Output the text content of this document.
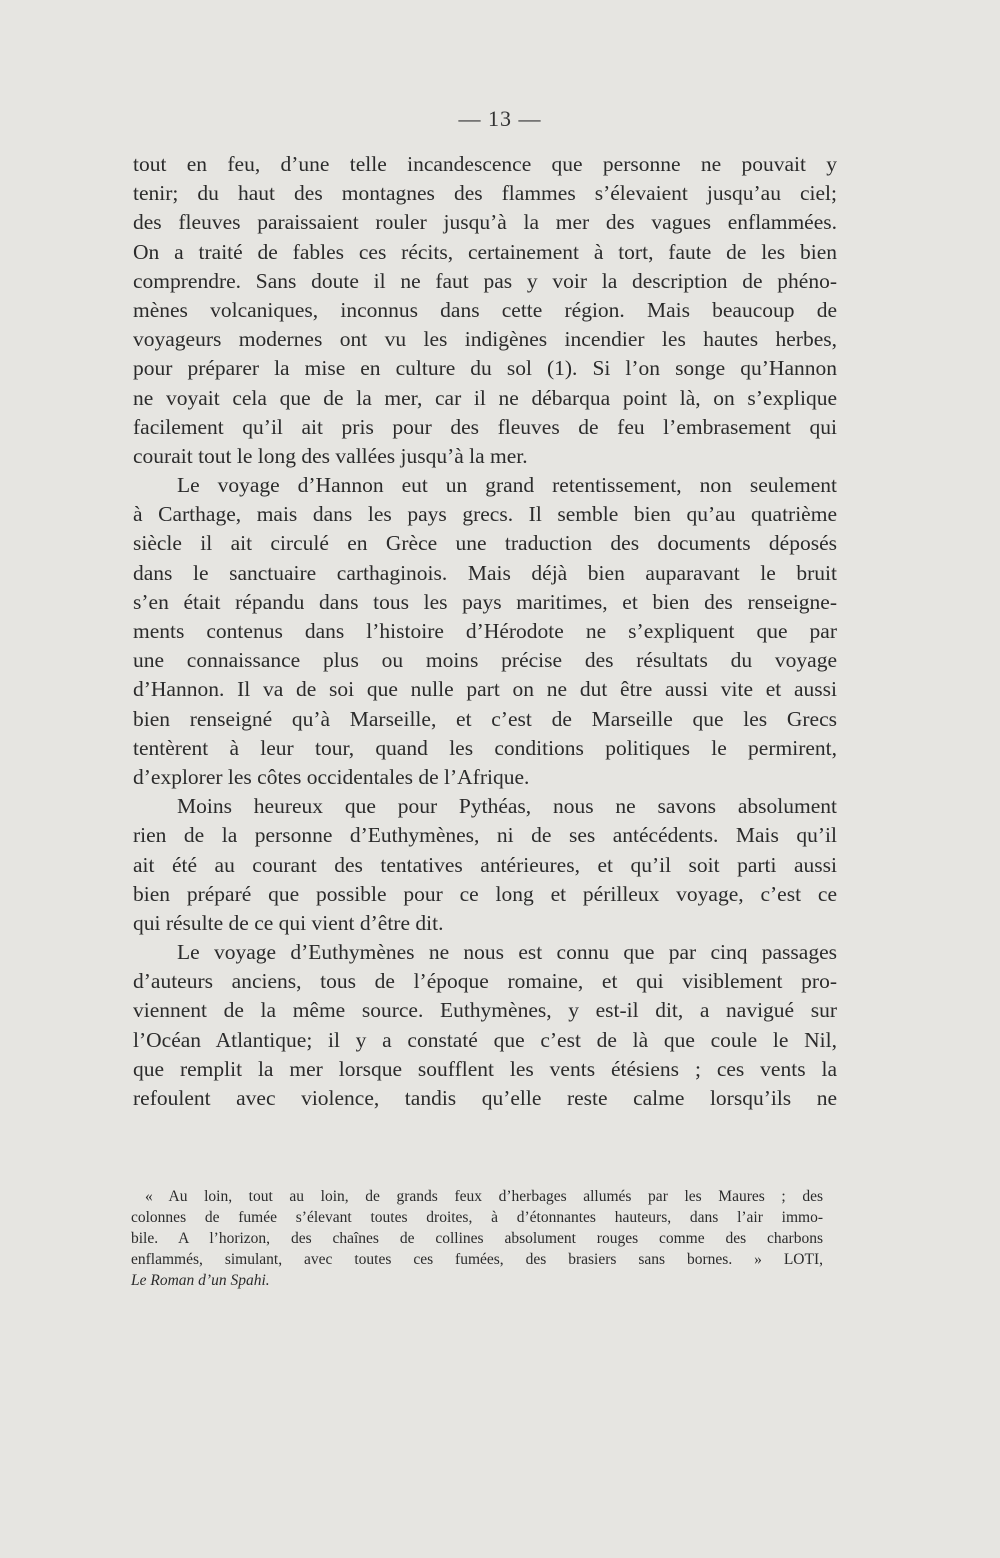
— 13 —
tout en feu, d’une telle incandescence que personne ne pouvait y
tenir; du haut des montagnes des flammes s’élevaient jusqu’au ciel;
des fleuves paraissaient rouler jusqu’à la mer des vagues enflammées.
On a traité de fables ces récits, certainement à tort, faute de les bien
comprendre. Sans doute il ne faut pas y voir la description de phéno-
mènes volcaniques, inconnus dans cette région. Mais beaucoup de
voyageurs modernes ont vu les indigènes incendier les hautes herbes,
pour préparer la mise en culture du sol (1). Si l’on songe qu’Hannon
ne voyait cela que de la mer, car il ne débarqua point là, on s’explique
facilement qu’il ait pris pour des fleuves de feu l’embrasement qui
courait tout le long des vallées jusqu’à la mer.
Le voyage d’Hannon eut un grand retentissement, non seulement
à Carthage, mais dans les pays grecs. Il semble bien qu’au quatrième
siècle il ait circulé en Grèce une traduction des documents déposés
dans le sanctuaire carthaginois. Mais déjà bien auparavant le bruit
s’en était répandu dans tous les pays maritimes, et bien des renseigne-
ments contenus dans l’histoire d’Hérodote ne s’expliquent que par
une connaissance plus ou moins précise des résultats du voyage
d’Hannon. Il va de soi que nulle part on ne dut être aussi vite et aussi
bien renseigné qu’à Marseille, et c’est de Marseille que les Grecs
tentèrent à leur tour, quand les conditions politiques le permirent,
d’explorer les côtes occidentales de l’Afrique.
Moins heureux que pour Pythéas, nous ne savons absolument
rien de la personne d’Euthymènes, ni de ses antécédents. Mais qu’il
ait été au courant des tentatives antérieures, et qu’il soit parti aussi
bien préparé que possible pour ce long et périlleux voyage, c’est ce
qui résulte de ce qui vient d’être dit.
Le voyage d’Euthymènes ne nous est connu que par cinq passages
d’auteurs anciens, tous de l’époque romaine, et qui visiblement pro-
viennent de la même source. Euthymènes, y est-il dit, a navigué sur
l’Océan Atlantique; il y a constaté que c’est de là que coule le Nil,
que remplit la mer lorsque soufflent les vents étésiens ; ces vents la
refoulent avec violence, tandis qu’elle reste calme lorsqu’ils ne
« Au loin, tout au loin, de grands feux d’herbages allumés par les Maures ; des
colonnes de fumée s’élevant toutes droites, à d’étonnantes hauteurs, dans l’air immo-
bile. A l’horizon, des chaînes de collines absolument rouges comme des charbons
enflammés, simulant, avec toutes ces fumées, des brasiers sans bornes. » LOTI,
Le Roman d’un Spahi.
